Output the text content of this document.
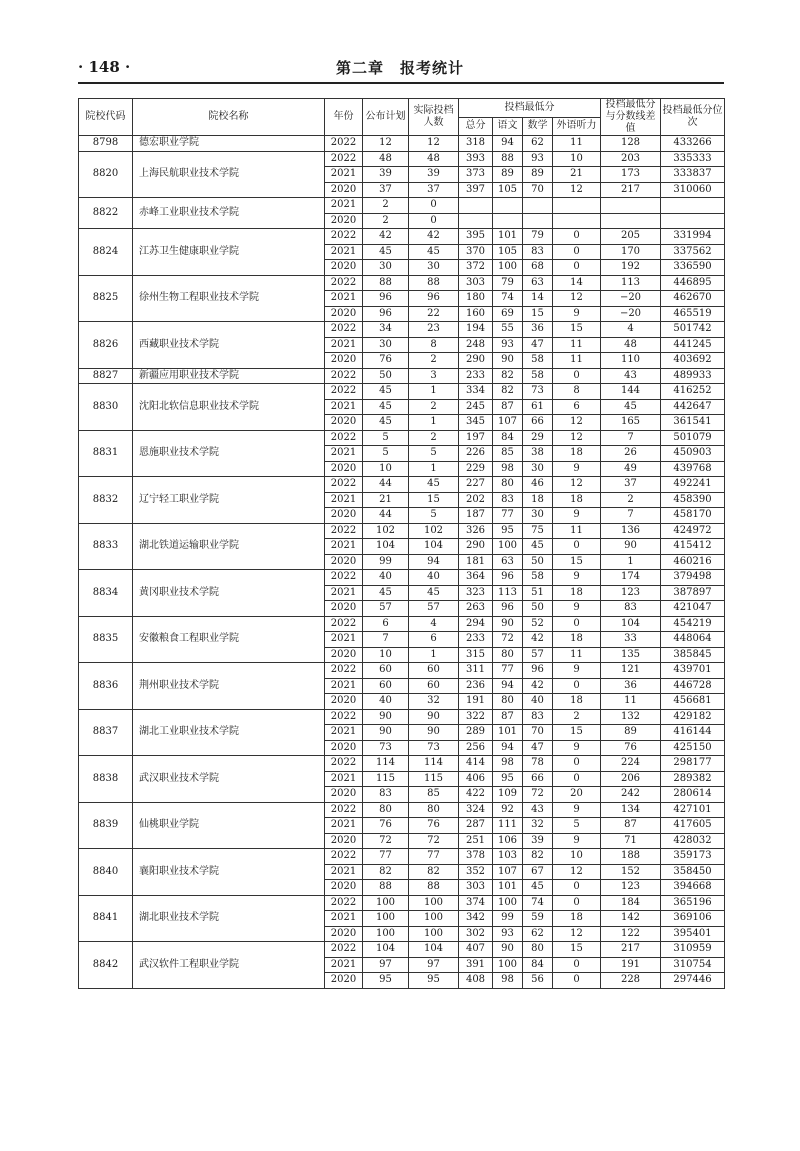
· 148 ·	第二章　报考统计
院校代码	院校名称	年份	公布计划	实际投档人数	投档最低分				投档最低分与分数线差值	投档最低分位次
					总分	语文	数学	外语听力		
8798	德宏职业学院	2022	12	12	318	94	62	11	128	433266
8820	上海民航职业技术学院	2022	48	48	393	88	93	10	203	335333
		2021	39	39	373	89	89	21	173	333837
		2020	37	37	397	105	70	12	217	310060
8822	赤峰工业职业技术学院	2021	2	0						
		2020	2	0						
8824	江苏卫生健康职业学院	2022	42	42	395	101	79	0	205	331994
		2021	45	45	370	105	83	0	170	337562
		2020	30	30	372	100	68	0	192	336590
8825	徐州生物工程职业技术学院	2022	88	88	303	79	63	14	113	446895
		2021	96	96	180	74	14	12	−20	462670
		2020	96	22	160	69	15	9	−20	465519
8826	西藏职业技术学院	2022	34	23	194	55	36	15	4	501742
		2021	30	8	248	93	47	11	48	441245
		2020	76	2	290	90	58	11	110	403692
8827	新疆应用职业技术学院	2022	50	3	233	82	58	0	43	489933
8830	沈阳北软信息职业技术学院	2022	45	1	334	82	73	8	144	416252
		2021	45	2	245	87	61	6	45	442647
		2020	45	1	345	107	66	12	165	361541
8831	恩施职业技术学院	2022	5	2	197	84	29	12	7	501079
		2021	5	5	226	85	38	18	26	450903
		2020	10	1	229	98	30	9	49	439768
8832	辽宁轻工职业学院	2022	44	45	227	80	46	12	37	492241
		2021	21	15	202	83	18	18	2	458390
		2020	44	5	187	77	30	9	7	458170
8833	湖北铁道运输职业学院	2022	102	102	326	95	75	11	136	424972
		2021	104	104	290	100	45	0	90	415412
		2020	99	94	181	63	50	15	1	460216
8834	黄冈职业技术学院	2022	40	40	364	96	58	9	174	379498
		2021	45	45	323	113	51	18	123	387897
		2020	57	57	263	96	50	9	83	421047
8835	安徽粮食工程职业学院	2022	6	4	294	90	52	0	104	454219
		2021	7	6	233	72	42	18	33	448064
		2020	10	1	315	80	57	11	135	385845
8836	荆州职业技术学院	2022	60	60	311	77	96	9	121	439701
		2021	60	60	236	94	42	0	36	446728
		2020	40	32	191	80	40	18	11	456681
8837	湖北工业职业技术学院	2022	90	90	322	87	83	2	132	429182
		2021	90	90	289	101	70	15	89	416144
		2020	73	73	256	94	47	9	76	425150
8838	武汉职业技术学院	2022	114	114	414	98	78	0	224	298177
		2021	115	115	406	95	66	0	206	289382
		2020	83	85	422	109	72	20	242	280614
8839	仙桃职业学院	2022	80	80	324	92	43	9	134	427101
		2021	76	76	287	111	32	5	87	417605
		2020	72	72	251	106	39	9	71	428032
8840	襄阳职业技术学院	2022	77	77	378	103	82	10	188	359173
		2021	82	82	352	107	67	12	152	358450
		2020	88	88	303	101	45	0	123	394668
8841	湖北职业技术学院	2022	100	100	374	100	74	0	184	365196
		2021	100	100	342	99	59	18	142	369106
		2020	100	100	302	93	62	12	122	395401
8842	武汉软件工程职业学院	2022	104	104	407	90	80	15	217	310959
		2021	97	97	391	100	84	0	191	310754
		2020	95	95	408	98	56	0	228	297446
